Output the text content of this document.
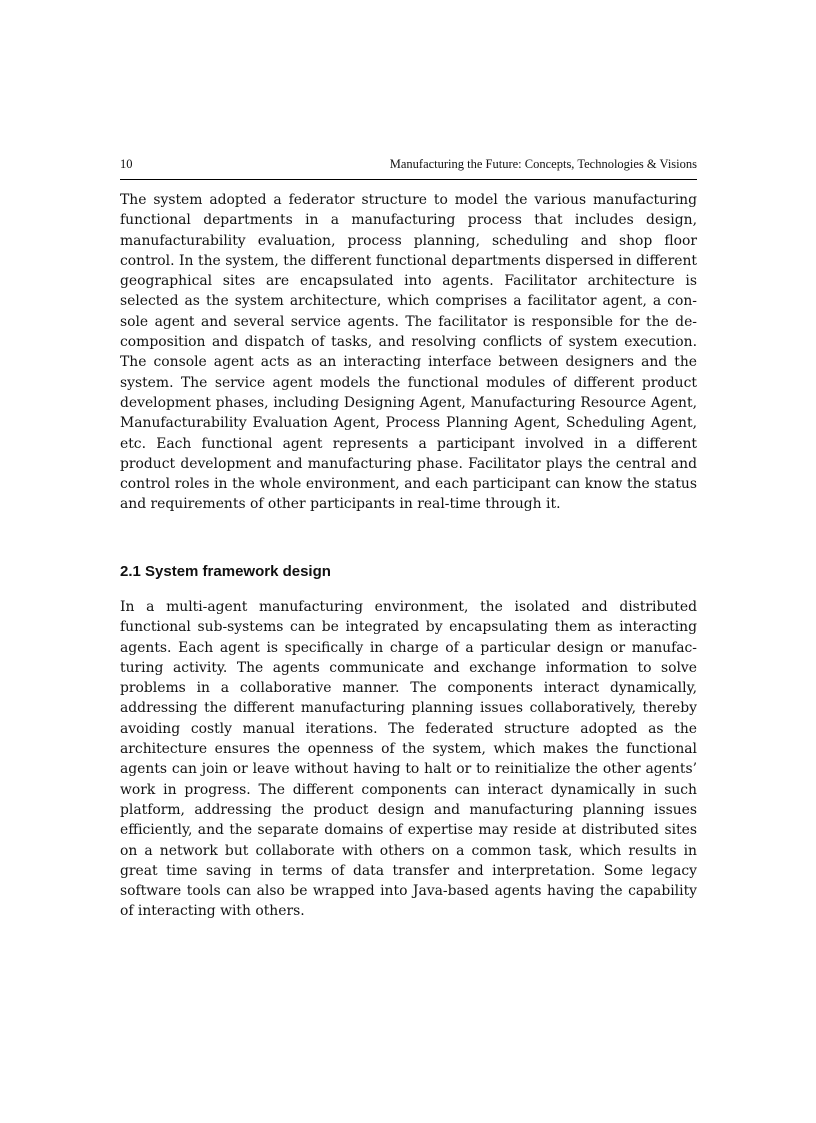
10	Manufacturing the Future: Concepts, Technologies & Visions

The system adopted a federator structure to model the various manufacturing functional departments in a manufacturing process that includes design, manufacturability evaluation, process planning, scheduling and shop floor control. In the system, the different functional departments dispersed in different geographical sites are encapsulated into agents. Facilitator architecture is selected as the system architecture, which comprises a facilitator agent, a console agent and several service agents. The facilitator is responsible for the decomposition and dispatch of tasks, and resolving conflicts of system execution. The console agent acts as an interacting interface between designers and the system. The service agent models the functional modules of different product development phases, including Designing Agent, Manufacturing Resource Agent, Manufacturability Evaluation Agent, Process Planning Agent, Scheduling Agent, etc. Each functional agent represents a participant involved in a different product development and manufacturing phase. Facilitator plays the central and control roles in the whole environment, and each participant can know the status and requirements of other participants in real-time through it.

2.1 System framework design

In a multi-agent manufacturing environment, the isolated and distributed functional sub-systems can be integrated by encapsulating them as interacting agents. Each agent is specifically in charge of a particular design or manufacturing activity. The agents communicate and exchange information to solve problems in a collaborative manner. The components interact dynamically, addressing the different manufacturing planning issues collaboratively, thereby avoiding costly manual iterations. The federated structure adopted as the architecture ensures the openness of the system, which makes the functional agents can join or leave without having to halt or to reinitialize the other agents’ work in progress. The different components can interact dynamically in such platform, addressing the product design and manufacturing planning issues efficiently, and the separate domains of expertise may reside at distributed sites on a network but collaborate with others on a common task, which results in great time saving in terms of data transfer and interpretation. Some legacy software tools can also be wrapped into Java-based agents having the capability of interacting with others.
